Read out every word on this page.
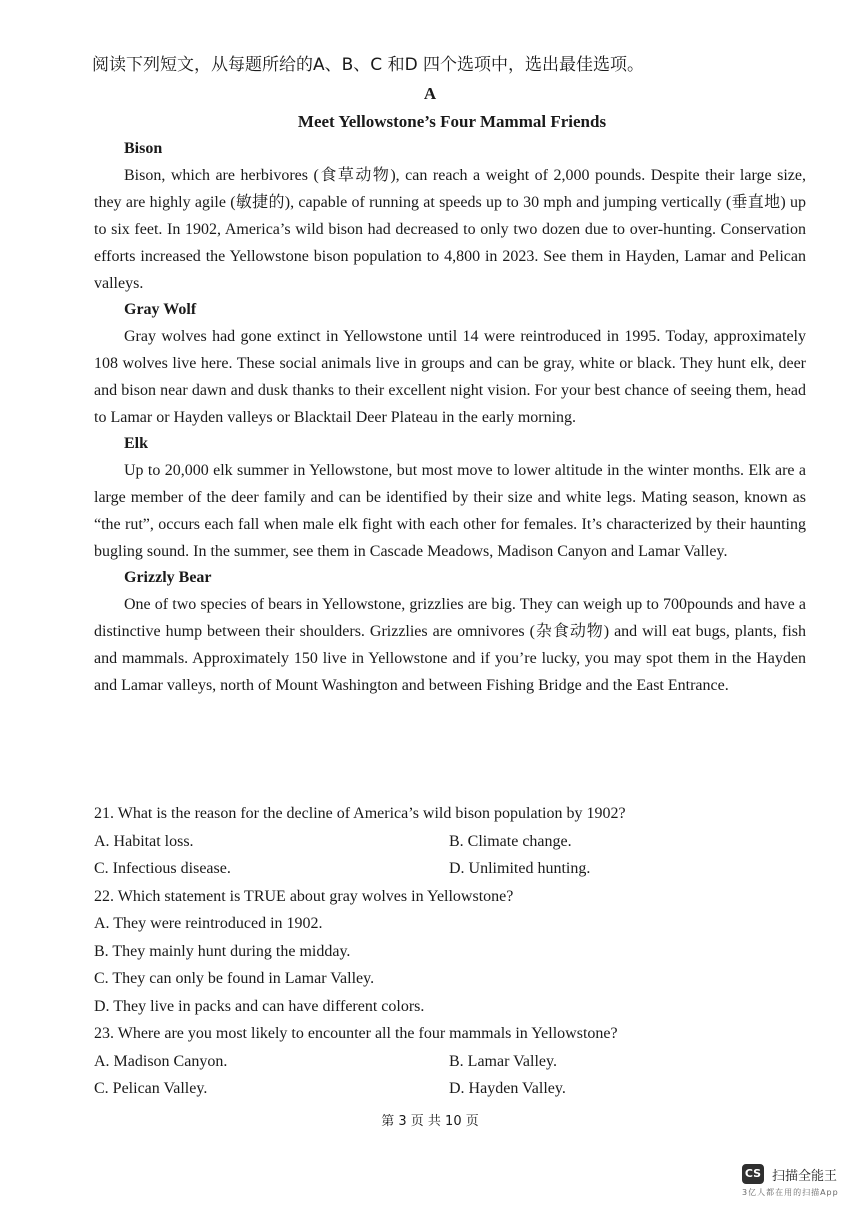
阅读下列短文，从每题所给的A、B、C 和D 四个选项中，选出最佳选项。
A
Meet Yellowstone’s Four Mammal Friends
Bison

Bison, which are herbivores (食草动物), can reach a weight of 2,000 pounds. Despite their large size, they are highly agile (敏捷的), capable of running at speeds up to 30 mph and jumping vertically (垂直地) up to six feet. In 1902, America’s wild bison had decreased to only two dozen due to over-hunting. Conservation efforts increased the Yellowstone bison population to 4,800 in 2023. See them in Hayden, Lamar and Pelican valleys.

Gray Wolf

Gray wolves had gone extinct in Yellowstone until 14 were reintroduced in 1995. Today, approximately 108 wolves live here. These social animals live in groups and can be gray, white or black. They hunt elk, deer and bison near dawn and dusk thanks to their excellent night vision. For your best chance of seeing them, head to Lamar or Hayden valleys or Blacktail Deer Plateau in the early morning.

Elk

Up to 20,000 elk summer in Yellowstone, but most move to lower altitude in the winter months. Elk are a large member of the deer family and can be identified by their size and white legs. Mating season, known as “the rut”, occurs each fall when male elk fight with each other for females. It’s characterized by their haunting bugling sound. In the summer, see them in Cascade Meadows, Madison Canyon and Lamar Valley.

Grizzly Bear

One of two species of bears in Yellowstone, grizzlies are big. They can weigh up to 700pounds and have a distinctive hump between their shoulders. Grizzlies are omnivores (杂食动物) and will eat bugs, plants, fish and mammals. Approximately 150 live in Yellowstone and if you’re lucky, you may spot them in the Hayden and Lamar valleys, north of Mount Washington and between Fishing Bridge and the East Entrance.

21. What is the reason for the decline of America’s wild bison population by 1902?
A. Habitat loss.	B. Climate change.
C. Infectious disease.	D. Unlimited hunting.
22. Which statement is TRUE about gray wolves in Yellowstone?
A. They were reintroduced in 1902.
B. They mainly hunt during the midday.
C. They can only be found in Lamar Valley.
D. They live in packs and can have different colors.
23. Where are you most likely to encounter all the four mammals in Yellowstone?
A. Madison Canyon.	B. Lamar Valley.
C. Pelican Valley.	D. Hayden Valley.
第 3 页 共 10 页
CS 扫描全能王
3亿人都在用的扫描App
